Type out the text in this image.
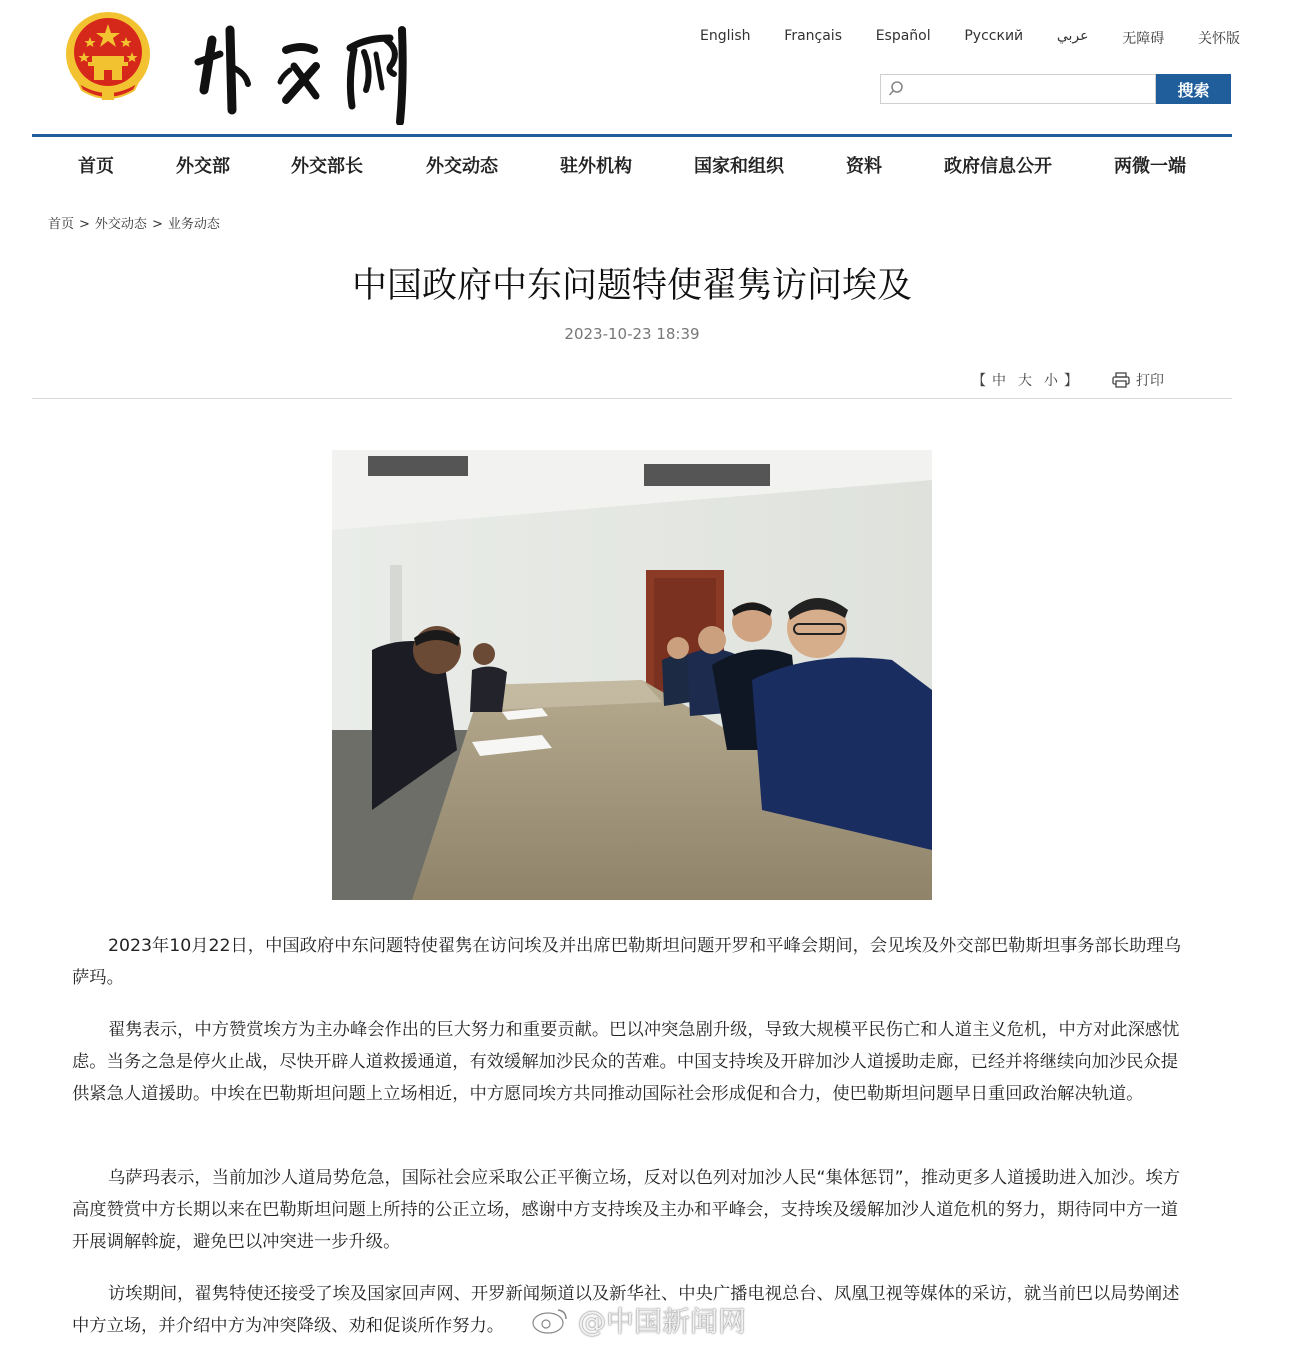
English Français Español Русский عربي 无障碍 关怀版
搜索
首页	外交部	外交部长	外交动态	驻外机构	国家和组织	资料	政府信息公开	两微一端
首页 > 外交动态 > 业务动态
中国政府中东问题特使翟隽访问埃及
2023-10-23 18:39
【 中 大 小 】	打印

2023年10月22日，中国政府中东问题特使翟隽在访问埃及并出席巴勒斯坦问题开罗和平峰会期间，会见埃及外交部巴勒斯坦事务部长助理乌萨玛。

翟隽表示，中方赞赏埃方为主办峰会作出的巨大努力和重要贡献。巴以冲突急剧升级，导致大规模平民伤亡和人道主义危机，中方对此深感忧虑。当务之急是停火止战，尽快开辟人道救援通道，有效缓解加沙民众的苦难。中国支持埃及开辟加沙人道援助走廊，已经并将继续向加沙民众提供紧急人道援助。中埃在巴勒斯坦问题上立场相近，中方愿同埃方共同推动国际社会形成促和合力，使巴勒斯坦问题早日重回政治解决轨道。

乌萨玛表示，当前加沙人道局势危急，国际社会应采取公正平衡立场，反对以色列对加沙人民“集体惩罚”，推动更多人道援助进入加沙。埃方高度赞赏中方长期以来在巴勒斯坦问题上所持的公正立场，感谢中方支持埃及主办和平峰会，支持埃及缓解加沙人道危机的努力，期待同中方一道开展调解斡旋，避免巴以冲突进一步升级。

访埃期间，翟隽特使还接受了埃及国家回声网、开罗新闻频道以及新华社、中央广播电视总台、凤凰卫视等媒体的采访，就当前巴以局势阐述中方立场，并介绍中方为冲突降级、劝和促谈所作努力。	@中国新闻网
